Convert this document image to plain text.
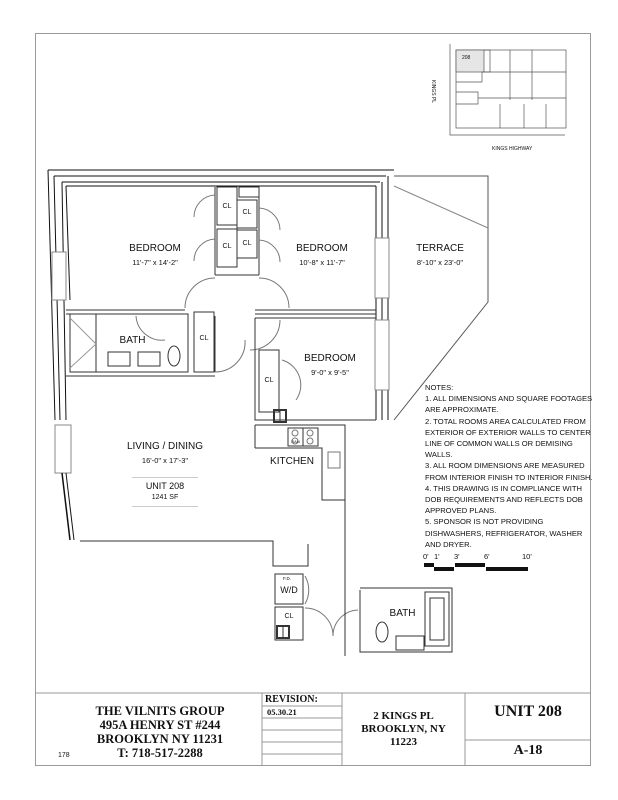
208
KINGS PL
KINGS HIGHWAY
BEDROOM
11'-7" x 14'-2"
BEDROOM
10'-8" x 11'-7"
TERRACE
8'-10" x 23'-0"
BATH
BEDROOM
9'-0" x 9'-5"
LIVING / DINING
16'-0" x 17'-3"	KITCHEN
BATH
CL
CL
CL	CL
CL
CL
CL
W/D
F.D.
RAN
UNIT 208
1241 SF
NOTES:
1. ALL DIMENSIONS AND SQUARE FOOTAGES
ARE APPROXIMATE.
2. TOTAL ROOMS AREA CALCULATED FROM
EXTERIOR OF EXTERIOR WALLS TO CENTER
LINE OF COMMON WALLS OR DEMISING
WALLS.
3. ALL ROOM DIMENSIONS ARE MEASURED
FROM INTERIOR FINISH TO INTERIOR FINISH.
4. THIS DRAWING IS IN COMPLIANCE WITH
DOB REQUIREMENTS AND REFLECTS DOB
APPROVED PLANS.
5. SPONSOR IS NOT PROVIDING
DISHWASHERS, REFRIGERATOR, WASHER
AND DRYER.
0' 1' 3'	6'	10'
THE VILNITS GROUP
495A HENRY ST #244
BROOKLYN NY 11231
178	T: 718-517-2288
REVISION:
05.30.21	2 KINGS PL
BROOKLYN, NY
11223
UNIT 208
A-18
